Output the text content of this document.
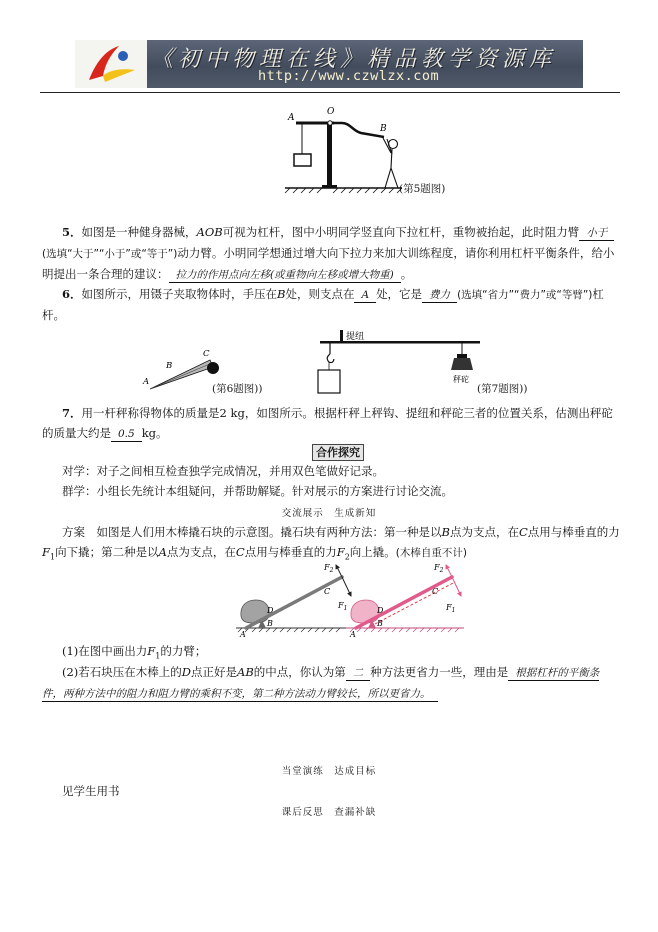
《初中物理在线》精品教学资源库
http://www.czwlzx.com
A
O
B
(第5题图)
5．如图是一种健身器械，AOB可视为杠杆，图中小明同学竖直向下拉杠杆，重物被抬起，此时阻力臂 小于(选填“大于”“小于”或“等于”)动力臂。小明同学想通过增大向下拉力来加大训练程度，请你利用杠杆平衡条件，给小明提出一条合理的建议： 拉力的作用点向左移(或重物向左移或增大物重) 。
6．如图所示，用镊子夹取物体时，手压在B处，则支点在 A 处，它是 费力 (选填“省力”“费力”或“等臂”)杠杆。
A
B
C
(第6题图))
提纽
秤砣
(第7题图))
7．用一杆秤称得物体的质量是2 kg，如图所示。根据杆秤上秤钩、提纽和秤砣三者的位置关系，估测出秤砣的质量大约是 0.5 kg。
合作探究
对学：对子之间相互检查独学完成情况，并用双色笔做好记录。
群学：小组长先统计本组疑问，并帮助解疑。针对展示的方案进行讨论交流。
交流展示　生成新知
方案　如图是人们用木棒撬石块的示意图。撬石块有两种方法：第一种是以B点为支点，在C点用与棒垂直的力$F_1$向下撬；第二种是以A点为支点，在C点用与棒垂直的力$F_2$向上撬。(木棒自重不计)
$F_2$
$F_1$
C
D
B
A
$F_2$
$F_1$
C
D
B
A
(1)在图中画出力$F_1$的力臂；
(2)若石块压在木棒上的D点正好是AB的中点，你认为第 二 种方法更省力一些，理由是 根据杠杆的平衡条件，两种方法中的阻力和阻力臂的乘积不变，第二种方法动力臂较长，所以更省力。
当堂演练　达成目标
见学生用书
课后反思　查漏补缺
